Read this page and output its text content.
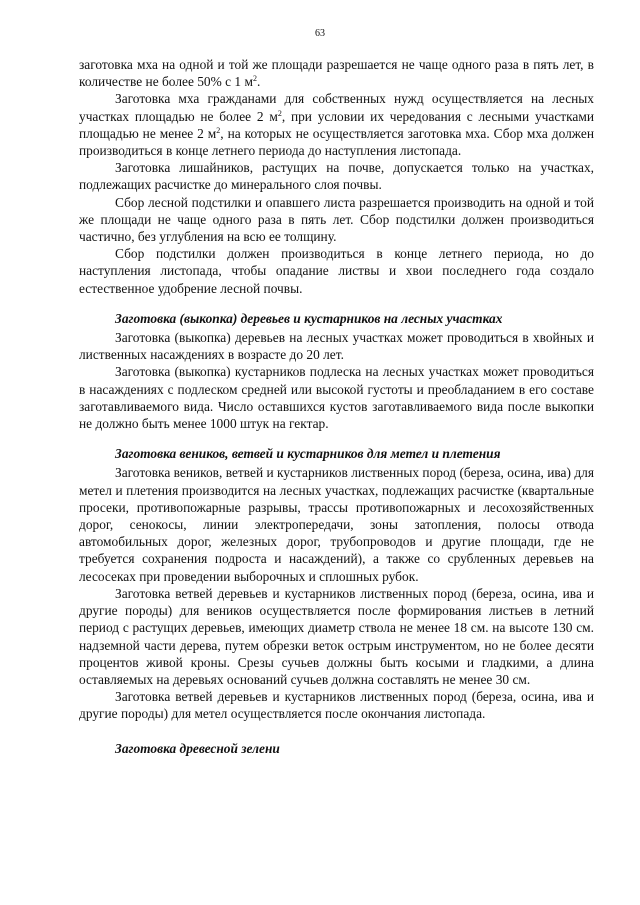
63

заготовка мха на одной и той же площади разрешается не чаще одного раза в пять лет, в количестве не более 50% с 1 $м^2$.

Заготовка мха гражданами для собственных нужд осуществляется на лесных участках площадью не более 2 $м^2$, при условии их чередования с лесными участками площадью не менее 2 $м^2$, на которых не осуществляется заготовка мха. Сбор мха должен производиться в конце летнего периода до наступления листопада.

Заготовка лишайников, растущих на почве, допускается только на участках, подлежащих расчистке до минерального слоя почвы.

Сбор лесной подстилки и опавшего листа разрешается производить на одной и той же площади не чаще одного раза в пять лет. Сбор подстилки должен производиться частично, без углубления на всю ее толщину.

Сбор подстилки должен производиться в конце летнего периода, но до наступления листопада, чтобы опадание листвы и хвои последнего года создало естественное удобрение лесной почвы.

Заготовка (выкопка) деревьев и кустарников на лесных участках

Заготовка (выкопка) деревьев на лесных участках может проводиться в хвойных и лиственных насаждениях в возрасте до 20 лет.

Заготовка (выкопка) кустарников подлеска на лесных участках может проводиться в насаждениях с подлеском средней или высокой густоты и преобладанием в его составе заготавливаемого вида. Число оставшихся кустов заготавливаемого вида после выкопки не должно быть менее 1000 штук на гектар.

Заготовка веников, ветвей и кустарников для метел и плетения

Заготовка веников, ветвей и кустарников лиственных пород (береза, осина, ива) для метел и плетения производится на лесных участках, подлежащих расчистке (квартальные просеки, противопожарные разрывы, трассы противопожарных и лесохозяйственных дорог, сенокосы, линии электропередачи, зоны затопления, полосы отвода автомобильных дорог, железных дорог, трубопроводов и другие площади, где не требуется сохранения подроста и насаждений), а также со срубленных деревьев на лесосеках при проведении выборочных и сплошных рубок.

Заготовка ветвей деревьев и кустарников лиственных пород (береза, осина, ива и другие породы) для веников осуществляется после формирования листьев в летний период с растущих деревьев, имеющих диаметр ствола не менее 18 см. на высоте 130 см. надземной части дерева, путем обрезки веток острым инструментом, но не более десяти процентов живой кроны. Срезы сучьев должны быть косыми и гладкими, а длина оставляемых на деревьях оснований сучьев должна составлять не менее 30 см.

Заготовка ветвей деревьев и кустарников лиственных пород (береза, осина, ива и другие породы) для метел осуществляется после окончания листопада.

Заготовка древесной зелени
